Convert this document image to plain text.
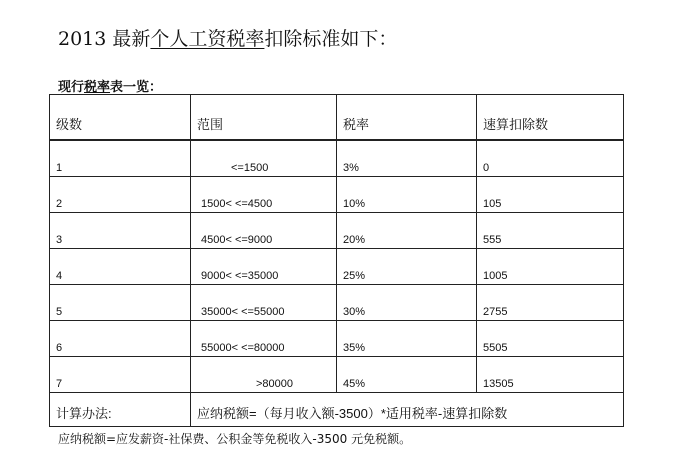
2013 最新个人工资税率扣除标准如下：
现行税率表一览：
级数	范围	税率	速算扣除数
1	<=1500	3%	0
2	1500< <=4500	10%	105
3	4500< <=9000	20%	555
4	9000< <=35000	25%	1005
5	35000< <=55000	30%	2755
6	55000< <=80000	35%	5505
7	>80000	45%	13505
计算办法:	应纳税额=（每月收入额-3500）*适用税率-速算扣除数		
应纳税额=应发薪资-社保费、公积金等免税收入-3500 元免税额。
